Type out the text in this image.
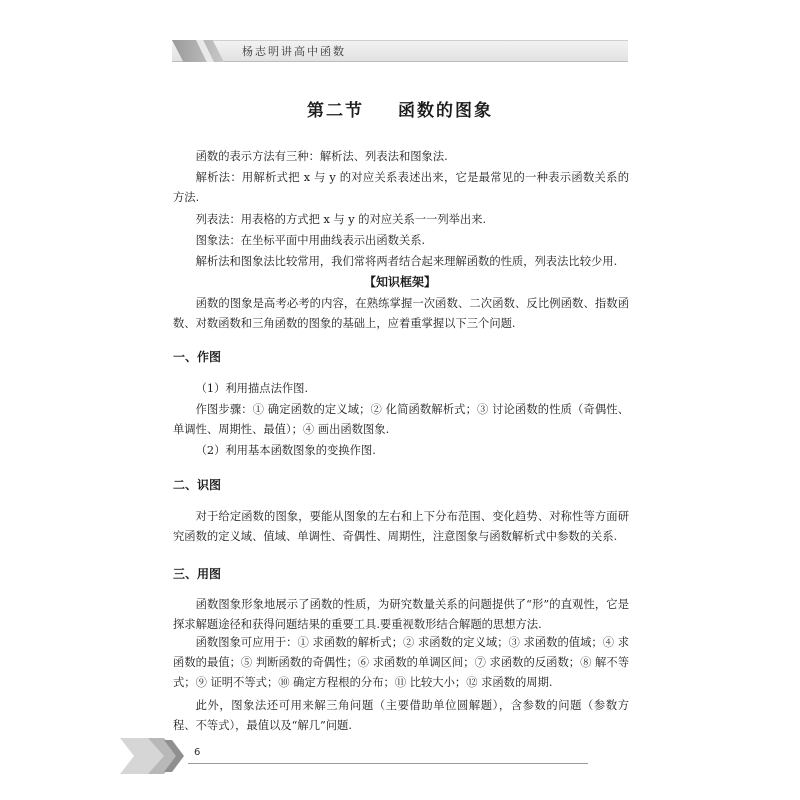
杨志明讲高中函数
第二节 函数的图象
函数的表示方法有三种：解析法、列表法和图象法.
解析法：用解析式把 x 与 y 的对应关系表述出来，它是最常见的一种表示函数关系的方法.
列表法：用表格的方式把 x 与 y 的对应关系一一列举出来.
图象法：在坐标平面中用曲线表示出函数关系.
解析法和图象法比较常用，我们常将两者结合起来理解函数的性质，列表法比较少用.
【知识框架】
函数的图象是高考必考的内容，在熟练掌握一次函数、二次函数、反比例函数、指数函数、对数函数和三角函数的图象的基础上，应着重掌握以下三个问题.
一、作图
（1）利用描点法作图.
作图步骤：① 确定函数的定义域；② 化简函数解析式；③ 讨论函数的性质（奇偶性、单调性、周期性、最值）；④ 画出函数图象.
（2）利用基本函数图象的变换作图.
二、识图
对于给定函数的图象，要能从图象的左右和上下分布范围、变化趋势、对称性等方面研究函数的定义域、值域、单调性、奇偶性、周期性，注意图象与函数解析式中参数的关系.
三、用图
函数图象形象地展示了函数的性质，为研究数量关系的问题提供了“形”的直观性，它是探求解题途径和获得问题结果的重要工具.要重视数形结合解题的思想方法.
函数图象可应用于：① 求函数的解析式；② 求函数的定义域；③ 求函数的值域；④ 求函数的最值；⑤ 判断函数的奇偶性；⑥ 求函数的单调区间；⑦ 求函数的反函数；⑧ 解不等式；⑨ 证明不等式；⑩ 确定方程根的分布；⑪ 比较大小；⑫ 求函数的周期.
此外，图象法还可用来解三角问题（主要借助单位圆解题），含参数的问题（参数方程、不等式），最值以及“解几”问题.
6
